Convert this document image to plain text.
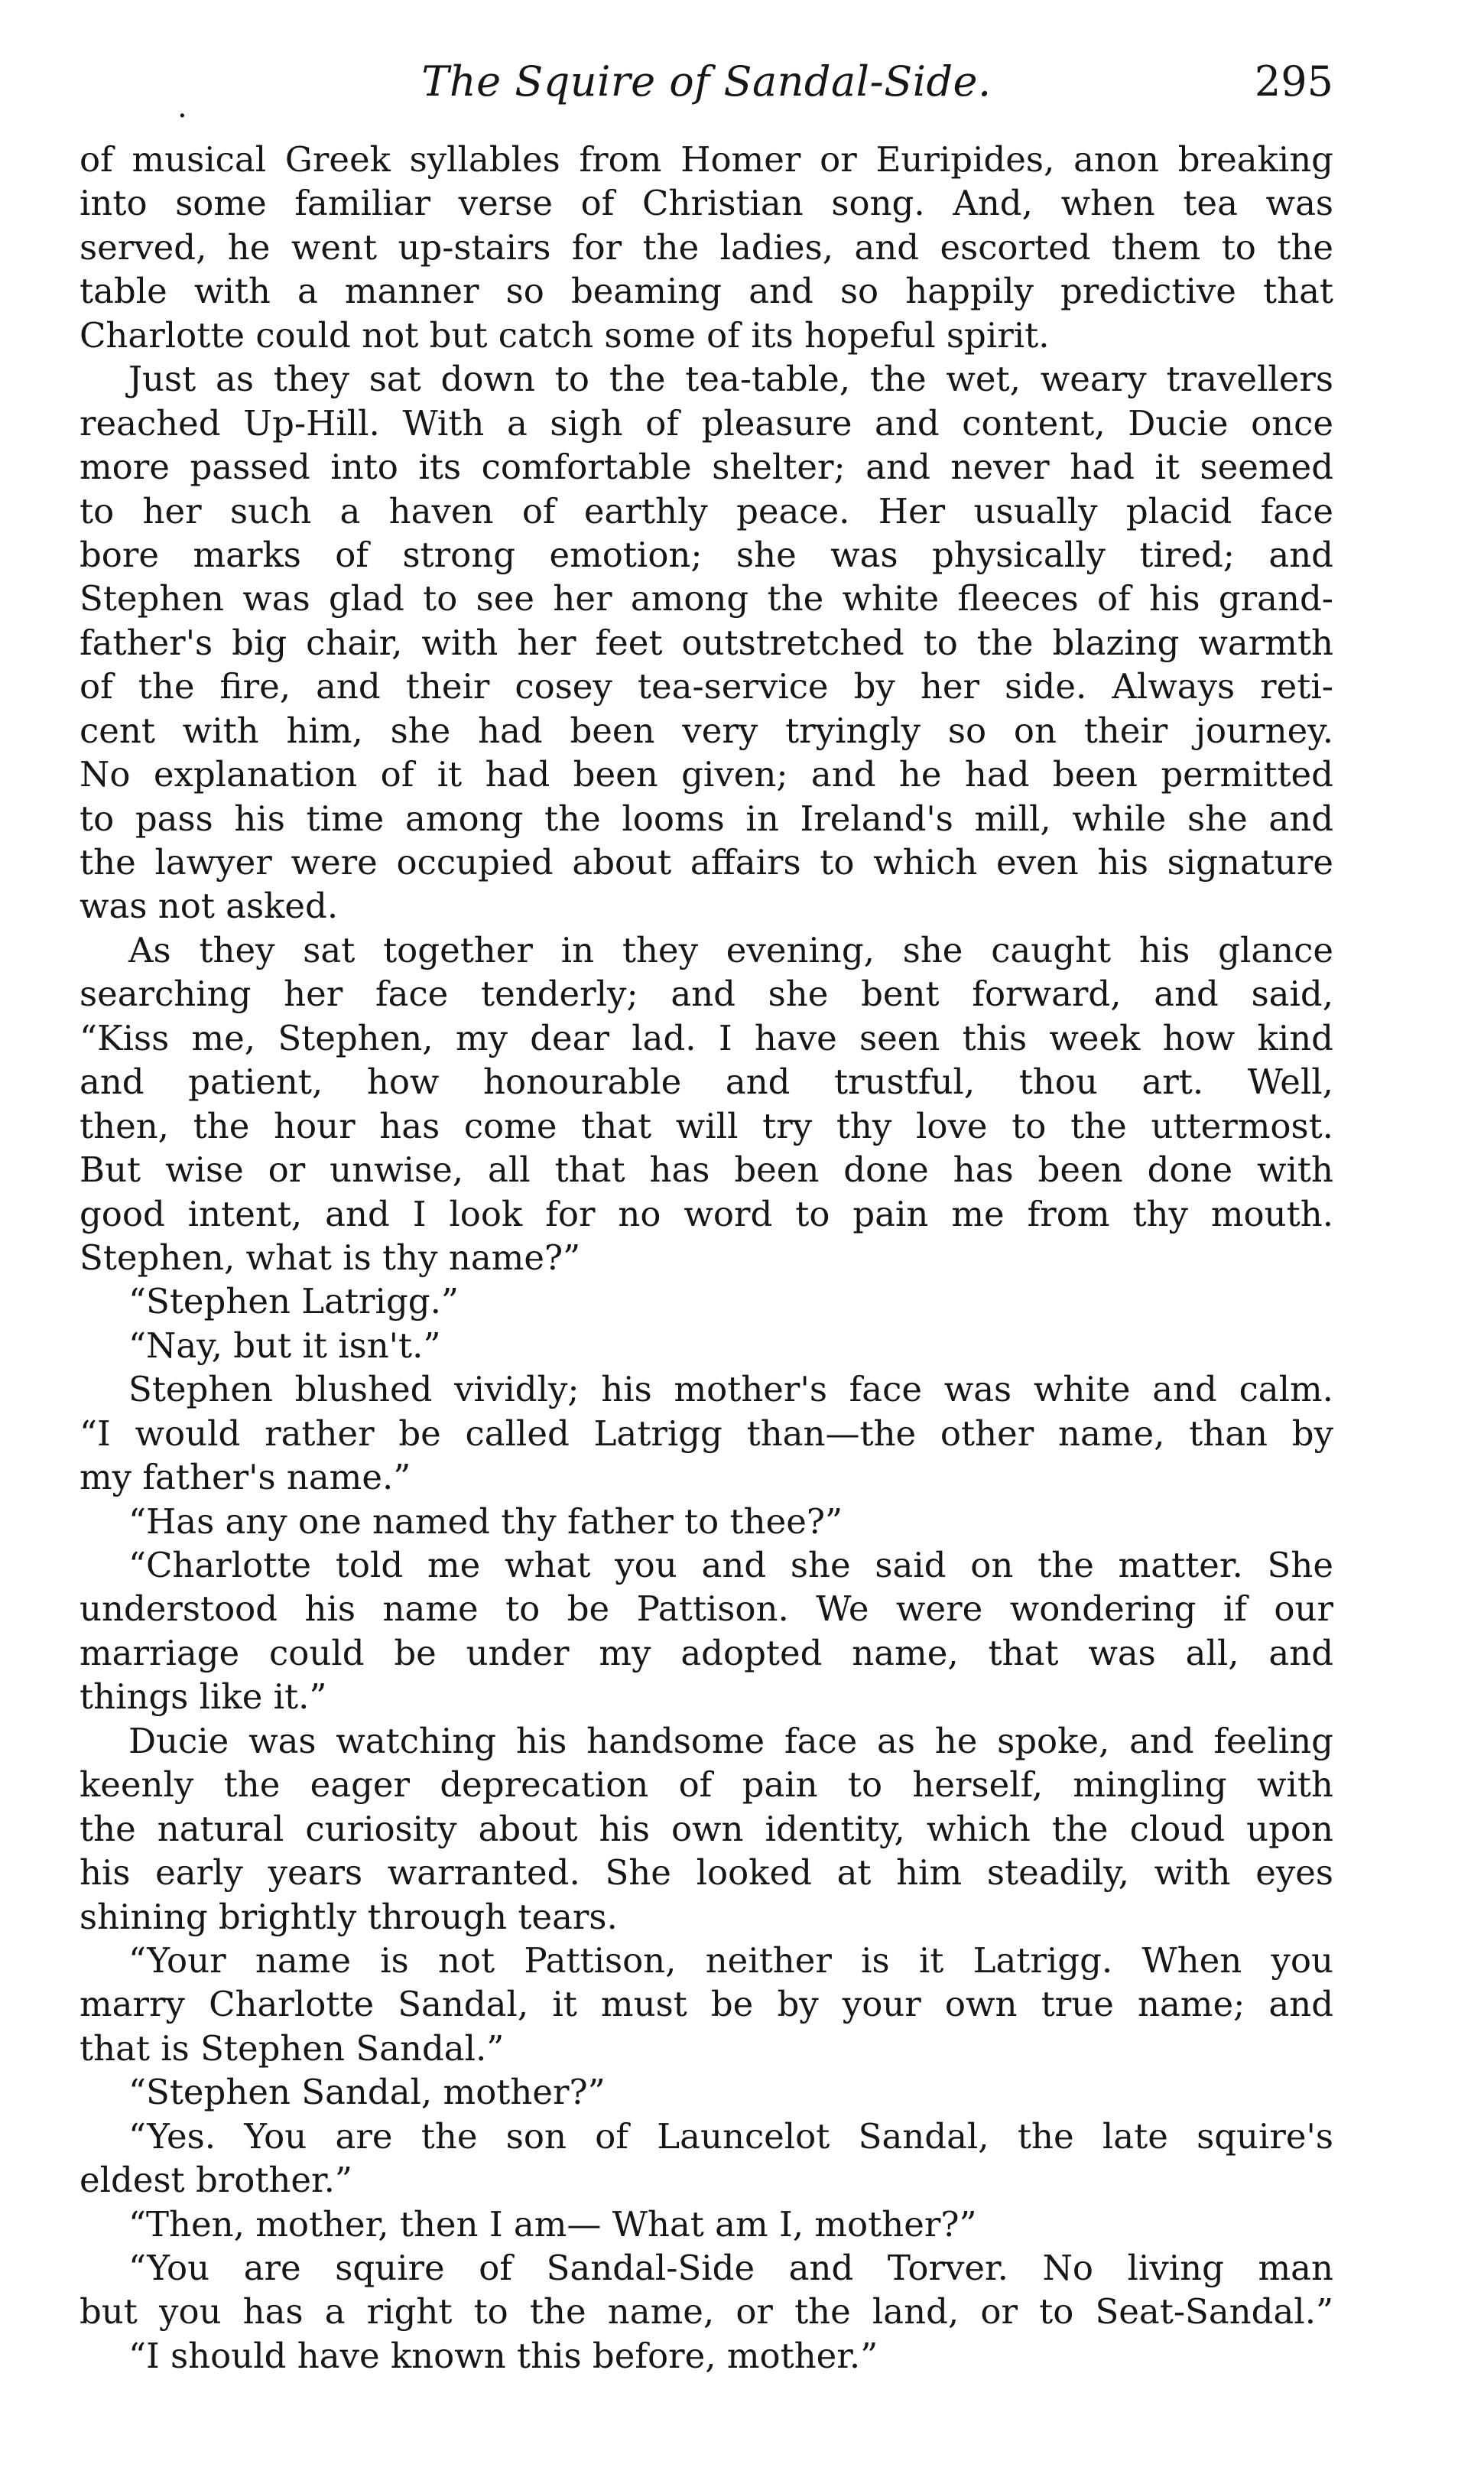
.
The Squire of Sandal-Side.	295
of musical Greek syllables from Homer or Euripides, anon breaking
into some familiar verse of Christian song. And, when tea was
served, he went up-stairs for the ladies, and escorted them to the
table with a manner so beaming and so happily predictive that
Charlotte could not but catch some of its hopeful spirit.
Just as they sat down to the tea-table, the wet, weary travellers
reached Up-Hill. With a sigh of pleasure and content, Ducie once
more passed into its comfortable shelter; and never had it seemed
to her such a haven of earthly peace. Her usually placid face
bore marks of strong emotion; she was physically tired; and
Stephen was glad to see her among the white fleeces of his grand-
father's big chair, with her feet outstretched to the blazing warmth
of the fire, and their cosey tea-service by her side. Always reti-
cent with him, she had been very tryingly so on their journey.
No explanation of it had been given; and he had been permitted
to pass his time among the looms in Ireland's mill, while she and
the lawyer were occupied about affairs to which even his signature
was not asked.
As they sat together in they evening, she caught his glance
searching her face tenderly; and she bent forward, and said,
“Kiss me, Stephen, my dear lad. I have seen this week how kind
and patient, how honourable and trustful, thou art. Well,
then, the hour has come that will try thy love to the uttermost.
But wise or unwise, all that has been done has been done with
good intent, and I look for no word to pain me from thy mouth.
Stephen, what is thy name?”
“Stephen Latrigg.”
“Nay, but it isn't.”
Stephen blushed vividly; his mother's face was white and calm.
“I would rather be called Latrigg than—the other name, than by
my father's name.”
“Has any one named thy father to thee?”
“Charlotte told me what you and she said on the matter. She
understood his name to be Pattison. We were wondering if our
marriage could be under my adopted name, that was all, and
things like it.”
Ducie was watching his handsome face as he spoke, and feeling
keenly the eager deprecation of pain to herself, mingling with
the natural curiosity about his own identity, which the cloud upon
his early years warranted. She looked at him steadily, with eyes
shining brightly through tears.
“Your name is not Pattison, neither is it Latrigg. When you
marry Charlotte Sandal, it must be by your own true name; and
that is Stephen Sandal.”
“Stephen Sandal, mother?”
“Yes. You are the son of Launcelot Sandal, the late squire's
eldest brother.”
“Then, mother, then I am— What am I, mother?”
“You are squire of Sandal-Side and Torver. No living man
but you has a right to the name, or the land, or to Seat-Sandal.”
“I should have known this before, mother.”
